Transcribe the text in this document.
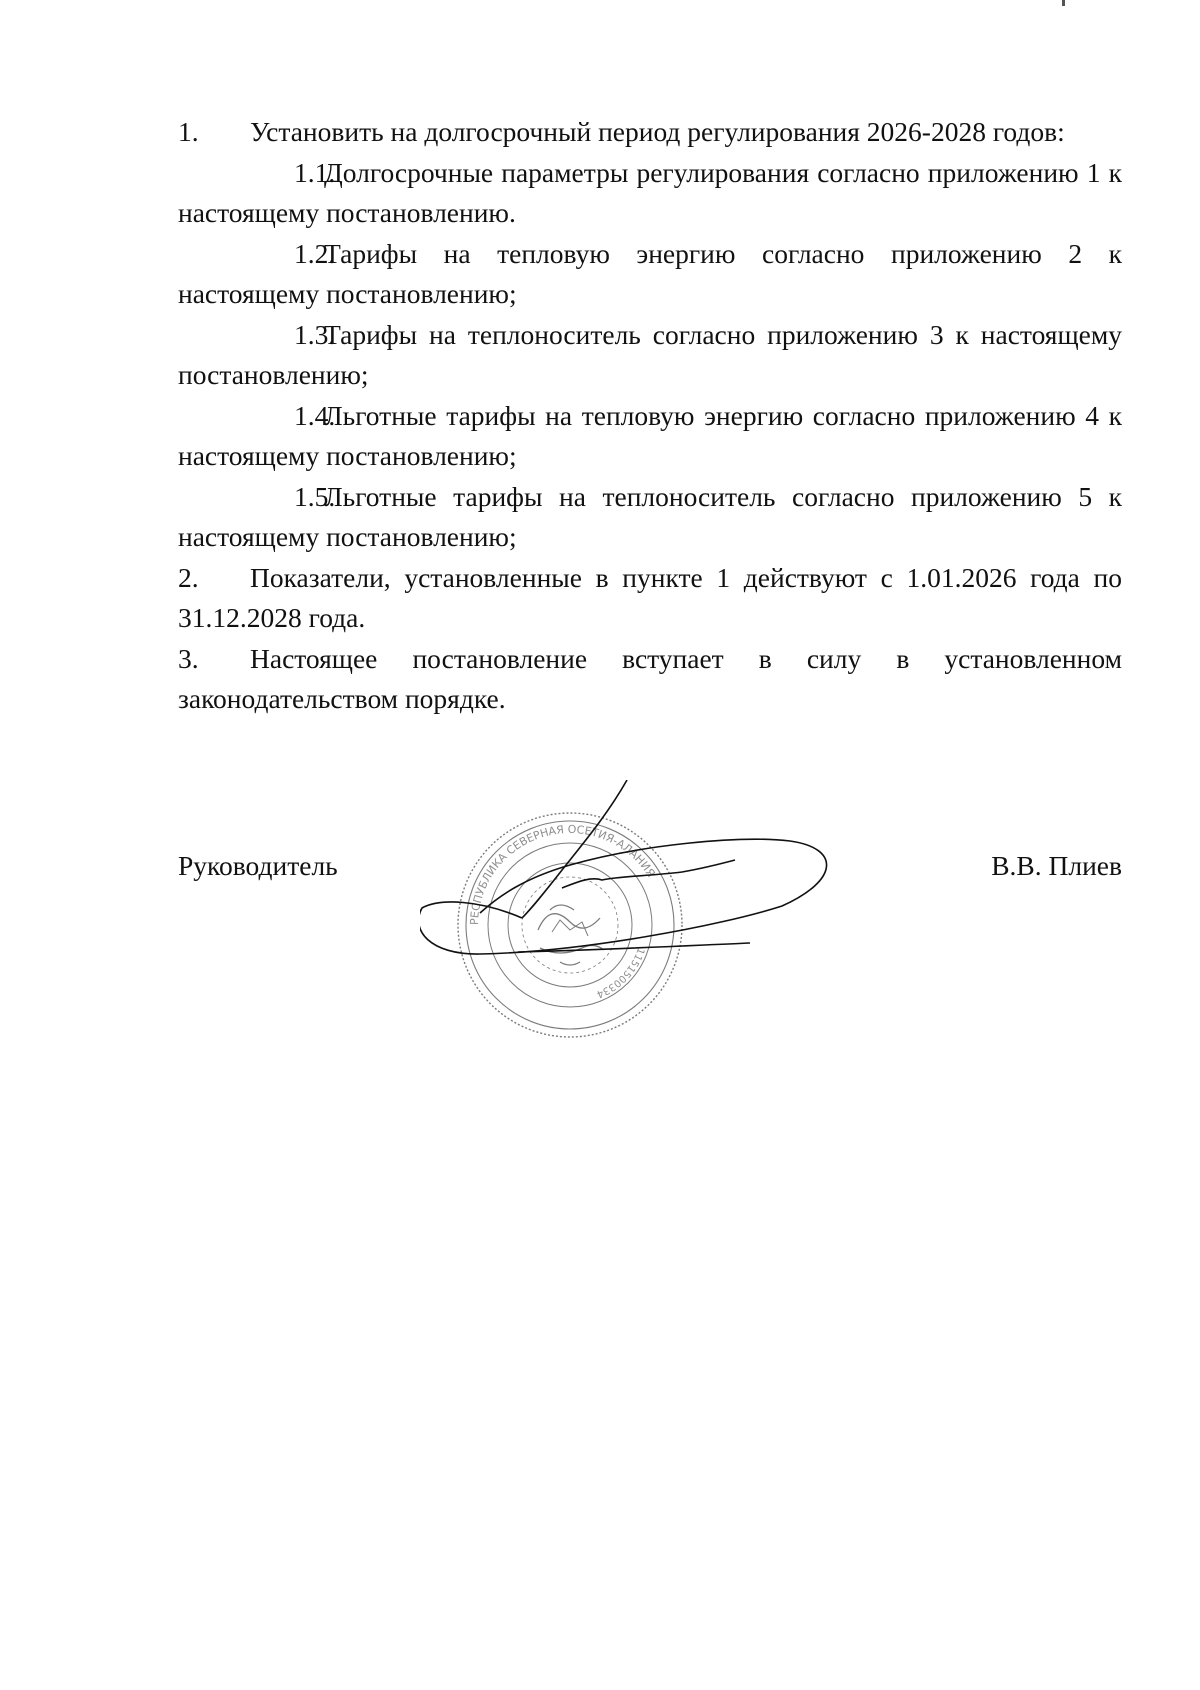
1. Установить на долгосрочный период регулирования 2026-2028 годов:
1.1.Долгосрочные параметры регулирования согласно приложению 1 к настоящему постановлению.
1.2.Тарифы на тепловую энергию согласно приложению 2 к настоящему постановлению;
1.3.Тарифы на теплоноситель согласно приложению 3 к настоящему постановлению;
1.4.Льготные тарифы на тепловую энергию согласно приложению 4 к настоящему постановлению;
1.5.Льготные тарифы на теплоноситель согласно приложению 5 к настоящему постановлению;
2. Показатели, установленные в пункте 1 действуют с 1.01.2026 года по 31.12.2028 года.
3. Настоящее постановление вступает в силу в установленном законодательством порядке.
Руководитель	В.В. Плиев
РЕСПУБЛИКА СЕВЕРНАЯ ОСЕТИЯ-АЛАНИЯ
1151500334
